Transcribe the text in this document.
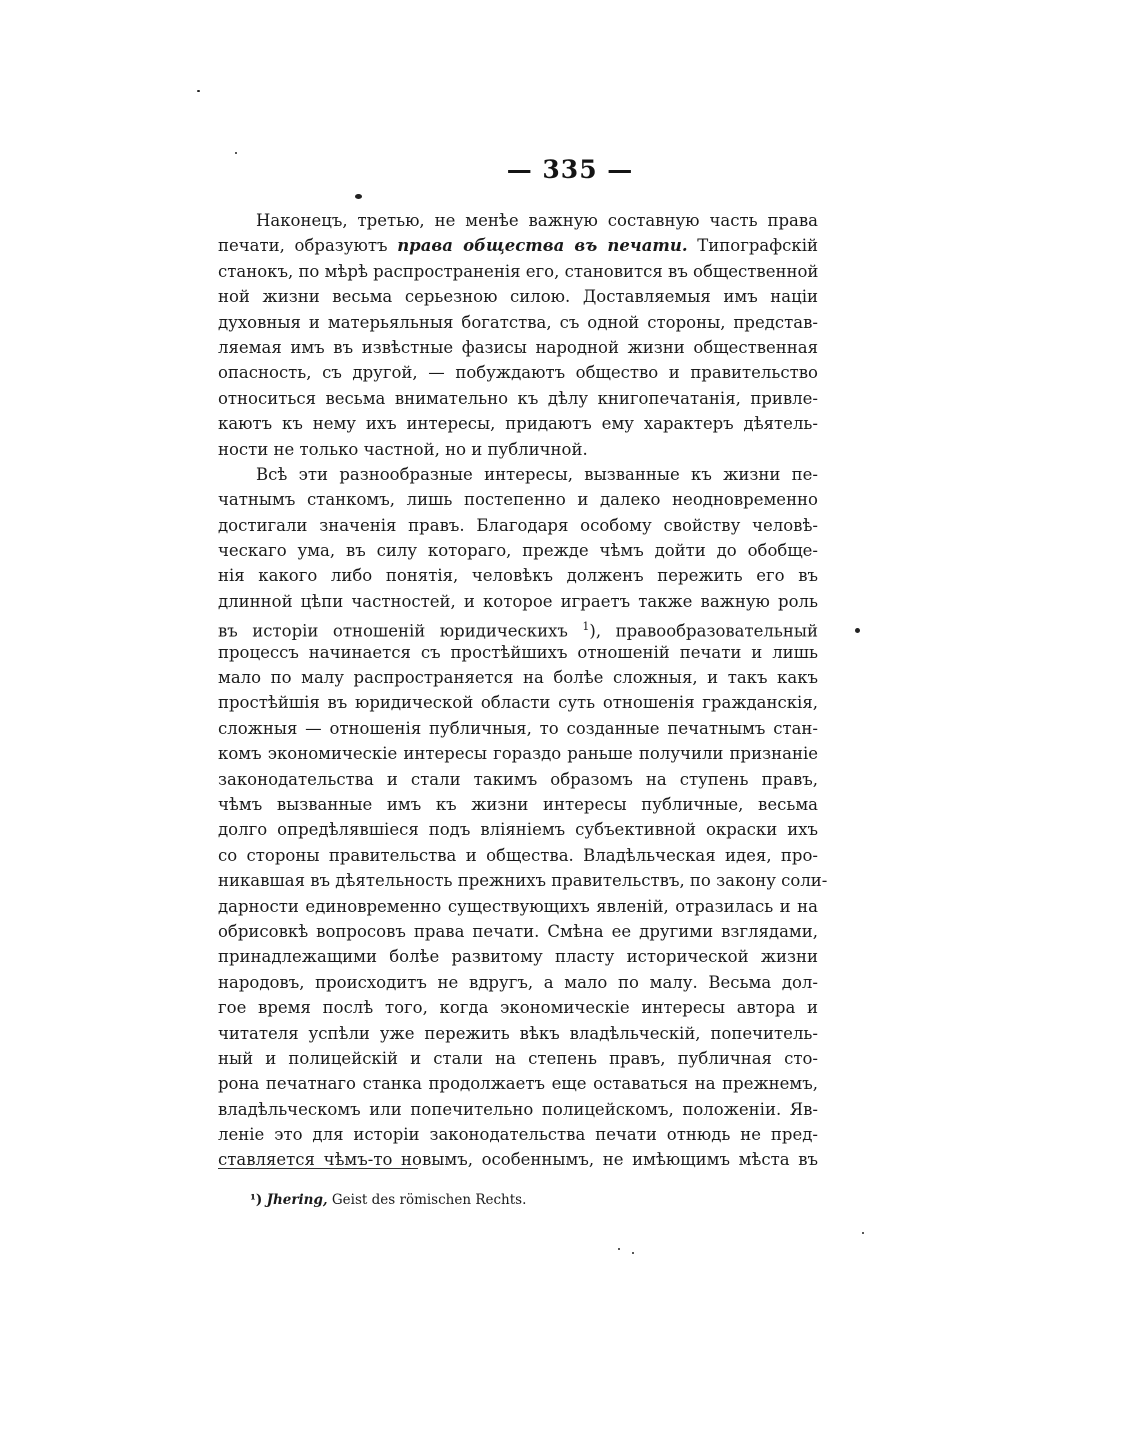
— 335 —
Наконецъ, третью, не менѣе важную составную часть права
печати, образуютъ права общества въ печати. Типографскій
станокъ, по мѣрѣ распространенія его, становится въ общественной
ной жизни весьма серьезною силою. Доставляемыя имъ націи
духовныя и матерьяльныя богатства, съ одной стороны, представ-
ляемая имъ въ извѣстные фазисы народной жизни общественная
опасность, съ другой, — побуждаютъ общество и правительство
относиться весьма внимательно къ дѣлу книгопечатанія, привле-
каютъ къ нему ихъ интересы, придаютъ ему характеръ дѣятель-
ности не только частной, но и публичной.
Всѣ эти разнообразные интересы, вызванные къ жизни пе-
чатнымъ станкомъ, лишь постепенно и далеко неодновременно
достигали значенія правъ. Благодаря особому свойству человѣ-
ческаго ума, въ силу котораго, прежде чѣмъ дойти до обобще-
нія какого либо понятія, человѣкъ долженъ пережить его въ
длинной цѣпи частностей, и которое играетъ также важную роль
въ исторіи отношеній юридическихъ $^1$), правообразовательный
процессъ начинается съ простѣйшихъ отношеній печати и лишь
мало по малу распространяется на болѣе сложныя, и такъ какъ
простѣйшія въ юридической области суть отношенія гражданскія,
сложныя — отношенія публичныя, то созданные печатнымъ стан-
комъ экономическіе интересы гораздо раньше получили признаніе
законодательства и стали такимъ образомъ на ступень правъ,
чѣмъ вызванные имъ къ жизни интересы публичные, весьма
долго опредѣлявшіеся подъ вліяніемъ субъективной окраски ихъ
со стороны правительства и общества. Владѣльческая идея, про-
никавшая въ дѣятельность прежнихъ правительствъ, по закону соли-
дарности единовременно существующихъ явленій, отразилась и на
обрисовкѣ вопросовъ права печати. Смѣна ее другими взглядами,
принадлежащими болѣе развитому пласту исторической жизни
народовъ, происходитъ не вдругъ, а мало по малу. Весьма дол-
гое время послѣ того, когда экономическіе интересы автора и
читателя успѣли уже пережить вѣкъ владѣльческій, попечитель-
ный и полицейскій и стали на степень правъ, публичная сто-
рона печатнаго станка продолжаетъ еще оставаться на прежнемъ,
владѣльческомъ или попечительно полицейскомъ, положеніи. Яв-
леніе это для исторіи законодательства печати отнюдь не пред-
ставляется чѣмъ-то новымъ, особеннымъ, не имѣющимъ мѣста въ
¹) Jhering, Geist des römischen Rechts.
